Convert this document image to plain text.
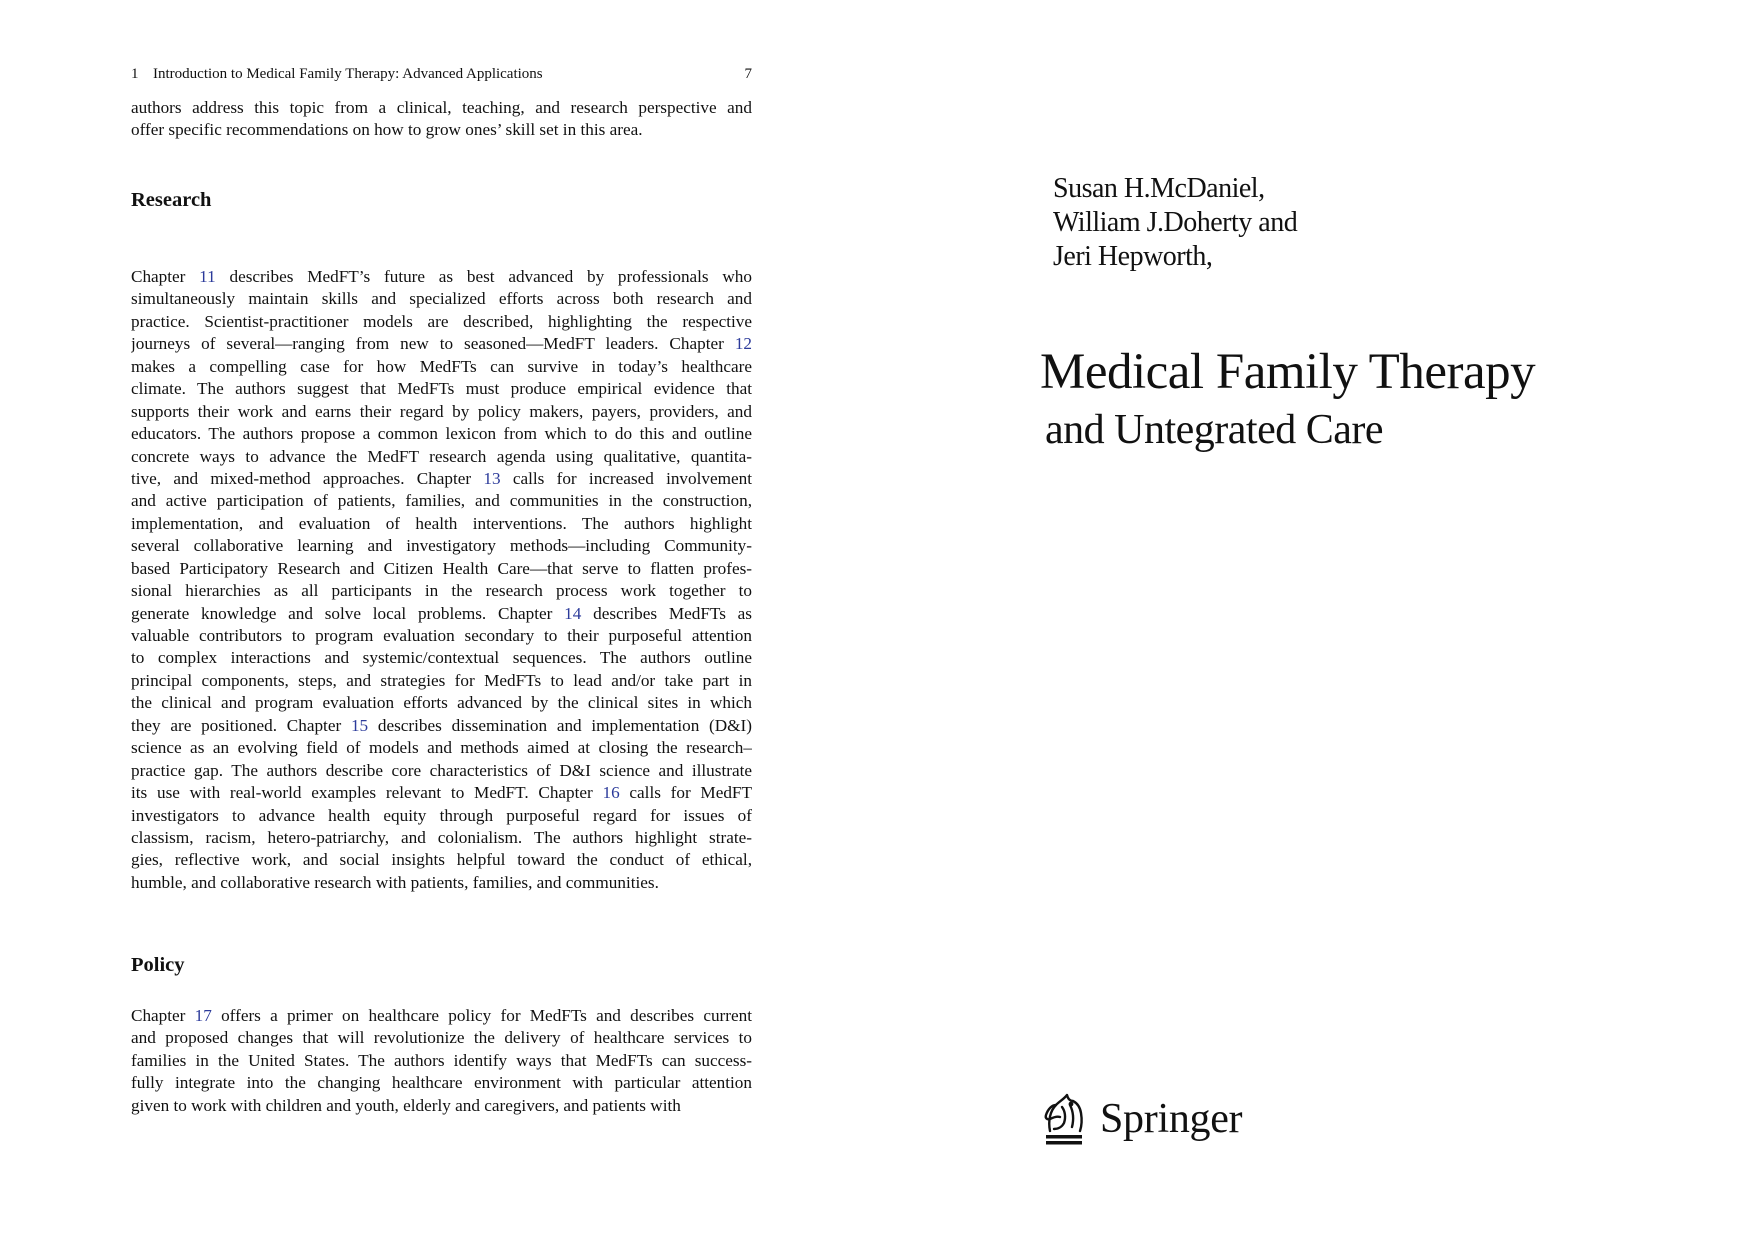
1 Introduction to Medical Family Therapy: Advanced Applications	7

authors address this topic from a clinical, teaching, and research perspective and
offer specific recommendations on how to grow ones’ skill set in this area.

Research

Chapter 11 describes MedFT’s future as best advanced by professionals who
simultaneously maintain skills and specialized efforts across both research and
practice. Scientist-practitioner models are described, highlighting the respective
journeys of several—ranging from new to seasoned—MedFT leaders. Chapter 12
makes a compelling case for how MedFTs can survive in today’s healthcare
climate. The authors suggest that MedFTs must produce empirical evidence that
supports their work and earns their regard by policy makers, payers, providers, and
educators. The authors propose a common lexicon from which to do this and outline
concrete ways to advance the MedFT research agenda using qualitative, quantita-
tive, and mixed-method approaches. Chapter 13 calls for increased involvement
and active participation of patients, families, and communities in the construction,
implementation, and evaluation of health interventions. The authors highlight
several collaborative learning and investigatory methods—including Community-
based Participatory Research and Citizen Health Care—that serve to flatten profes-
sional hierarchies as all participants in the research process work together to
generate knowledge and solve local problems. Chapter 14 describes MedFTs as
valuable contributors to program evaluation secondary to their purposeful attention
to complex interactions and systemic/contextual sequences. The authors outline
principal components, steps, and strategies for MedFTs to lead and/or take part in
the clinical and program evaluation efforts advanced by the clinical sites in which
they are positioned. Chapter 15 describes dissemination and implementation (D&I)
science as an evolving field of models and methods aimed at closing the research–
practice gap. The authors describe core characteristics of D&I science and illustrate
its use with real-world examples relevant to MedFT. Chapter 16 calls for MedFT
investigators to advance health equity through purposeful regard for issues of
classism, racism, hetero-patriarchy, and colonialism. The authors highlight strate-
gies, reflective work, and social insights helpful toward the conduct of ethical,
humble, and collaborative research with patients, families, and communities.

Policy

Chapter 17 offers a primer on healthcare policy for MedFTs and describes current
and proposed changes that will revolutionize the delivery of healthcare services to
families in the United States. The authors identify ways that MedFTs can success-
fully integrate into the changing healthcare environment with particular attention
given to work with children and youth, elderly and caregivers, and patients with

Susan H.McDaniel,
William J.Doherty and
Jeri Hepworth,
Medical Family Therapy
and Untegrated Care
Springer
